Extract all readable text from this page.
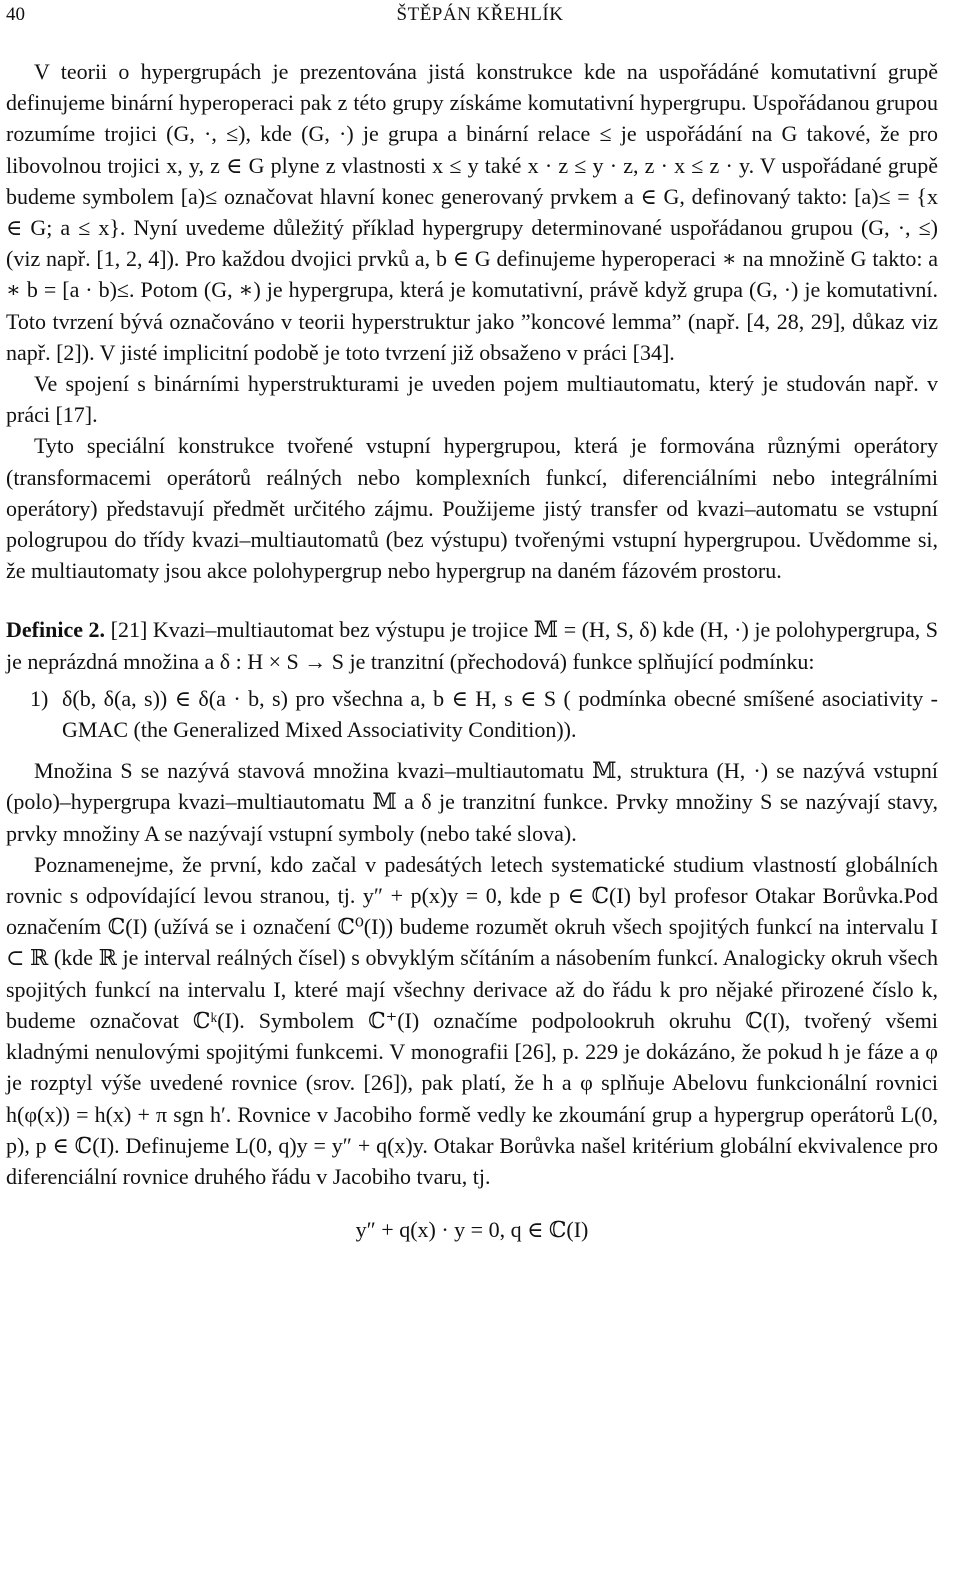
40	ŠTĚPÁN KŘEHLÍK

V teorii o hypergrupách je prezentována jistá konstrukce kde na uspořádáné komutativní grupě definujeme binární hyperoperaci pak z této grupy získáme komutativní hypergrupu. Uspořádanou grupou rozumíme trojici (G, ·, ≤), kde (G, ·) je grupa a binární relace ≤ je uspořádání na G takové, že pro libovolnou trojici x, y, z ∈ G plyne z vlastnosti x ≤ y také x · z ≤ y · z, z · x ≤ z · y. V uspořádané grupě budeme symbolem [a)≤ označovat hlavní konec generovaný prvkem a ∈ G, definovaný takto: [a)≤ = {x ∈ G; a ≤ x}. Nyní uvedeme důležitý příklad hypergrupy determinované uspořádanou grupou (G, ·, ≤) (viz např. [1, 2, 4]). Pro každou dvojici prvků a, b ∈ G definujeme hyperoperaci ∗ na množině G takto: a ∗ b = [a · b)≤. Potom (G, ∗) je hypergrupa, která je komutativní, právě když grupa (G, ·) je komutativní. Toto tvrzení bývá označováno v teorii hyperstruktur jako ”koncové lemma” (např. [4, 28, 29], důkaz viz např. [2]). V jisté implicitní podobě je toto tvrzení již obsaženo v práci [34].

Ve spojení s binárními hyperstrukturami je uveden pojem multiautomatu, který je studován např. v práci [17].

Tyto speciální konstrukce tvořené vstupní hypergrupou, která je formována různými operátory (transformacemi operátorů reálných nebo komplexních funkcí, diferenciálními nebo integrálními operátory) představují předmět určitého zájmu. Použijeme jistý transfer od kvazi–automatu se vstupní pologrupou do třídy kvazi–multiautomatů (bez výstupu) tvořenými vstupní hypergrupou. Uvědomme si, že multiautomaty jsou akce polohypergrup nebo hypergrup na daném fázovém prostoru.

Definice 2. [21] Kvazi–multiautomat bez výstupu je trojice 𝕄 = (H, S, δ) kde (H, ·) je polohypergrupa, S je neprázdná množina a δ : H × S → S je tranzitní (přechodová) funkce splňující podmínku:

1) δ(b, δ(a, s)) ∈ δ(a · b, s) pro všechna a, b ∈ H, s ∈ S ( podmínka obecné smíšené asociativity - GMAC (the Generalized Mixed Associativity Condition)).

Množina S se nazývá stavová množina kvazi–multiautomatu 𝕄, struktura (H, ·) se nazývá vstupní (polo)–hypergrupa kvazi–multiautomatu 𝕄 a δ je tranzitní funkce. Prvky množiny S se nazývají stavy, prvky množiny A se nazývají vstupní symboly (nebo také slova).

Poznamenejme, že první, kdo začal v padesátých letech systematické studium vlastností globálních rovnic s odpovídající levou stranou, tj. y″ + p(x)y = 0, kde p ∈ ℂ(I) byl profesor Otakar Borůvka.Pod označením ℂ(I) (užívá se i označení ℂ⁰(I)) budeme rozumět okruh všech spojitých funkcí na intervalu I ⊂ ℝ (kde ℝ je interval reálných čísel) s obvyklým sčítáním a násobením funkcí. Analogicky okruh všech spojitých funkcí na intervalu I, které mají všechny derivace až do řádu k pro nějaké přirozené číslo k, budeme označovat ℂᵏ(I). Symbolem ℂ⁺(I) označíme podpolookruh okruhu ℂ(I), tvořený všemi kladnými nenulovými spojitými funkcemi. V monografii [26], p. 229 je dokázáno, že pokud h je fáze a φ je rozptyl výše uvedené rovnice (srov. [26]), pak platí, že h a φ splňuje Abelovu funkcionální rovnici h(φ(x)) = h(x) + π sgn h′. Rovnice v Jacobiho formě vedly ke zkoumání grup a hypergrup operátorů L(0, p), p ∈ ℂ(I). Definujeme L(0, q)y = y″ + q(x)y. Otakar Borůvka našel kritérium globální ekvivalence pro diferenciální rovnice druhého řádu v Jacobiho tvaru, tj.

y″ + q(x) · y = 0, q ∈ ℂ(I)
